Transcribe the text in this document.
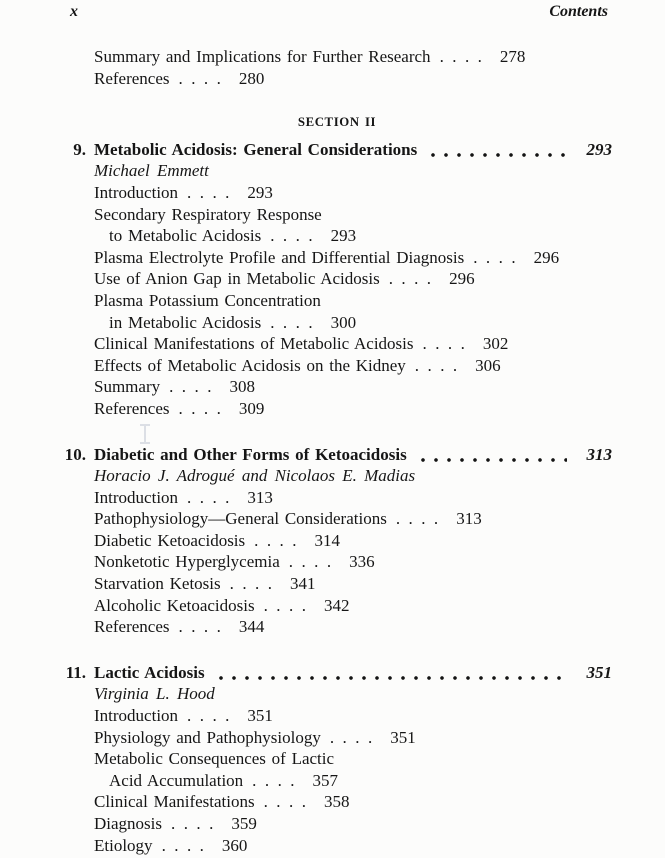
x	Contents
Summary and Implications for Further Research . . . . 278
References . . . . 280
SECTION II
9. Metabolic Acidosis: General Considerations	293
Michael Emmett
Introduction . . . . 293
Secondary Respiratory Response
to Metabolic Acidosis . . . . 293
Plasma Electrolyte Profile and Differential Diagnosis . . . . 296
Use of Anion Gap in Metabolic Acidosis . . . . 296
Plasma Potassium Concentration
in Metabolic Acidosis . . . . 300
Clinical Manifestations of Metabolic Acidosis . . . . 302
Effects of Metabolic Acidosis on the Kidney . . . . 306
Summary . . . . 308
References . . . . 309
10. Diabetic and Other Forms of Ketoacidosis	313
Horacio J. Adrogué and Nicolaos E. Madias
Introduction . . . . 313
Pathophysiology—General Considerations . . . . 313
Diabetic Ketoacidosis . . . . 314
Nonketotic Hyperglycemia . . . . 336
Starvation Ketosis . . . . 341
Alcoholic Ketoacidosis . . . . 342
References . . . . 344
11. Lactic Acidosis	351
Virginia L. Hood
Introduction . . . . 351
Physiology and Pathophysiology . . . . 351
Metabolic Consequences of Lactic
Acid Accumulation . . . . 357
Clinical Manifestations . . . . 358
Diagnosis . . . . 359
Etiology . . . . 360
